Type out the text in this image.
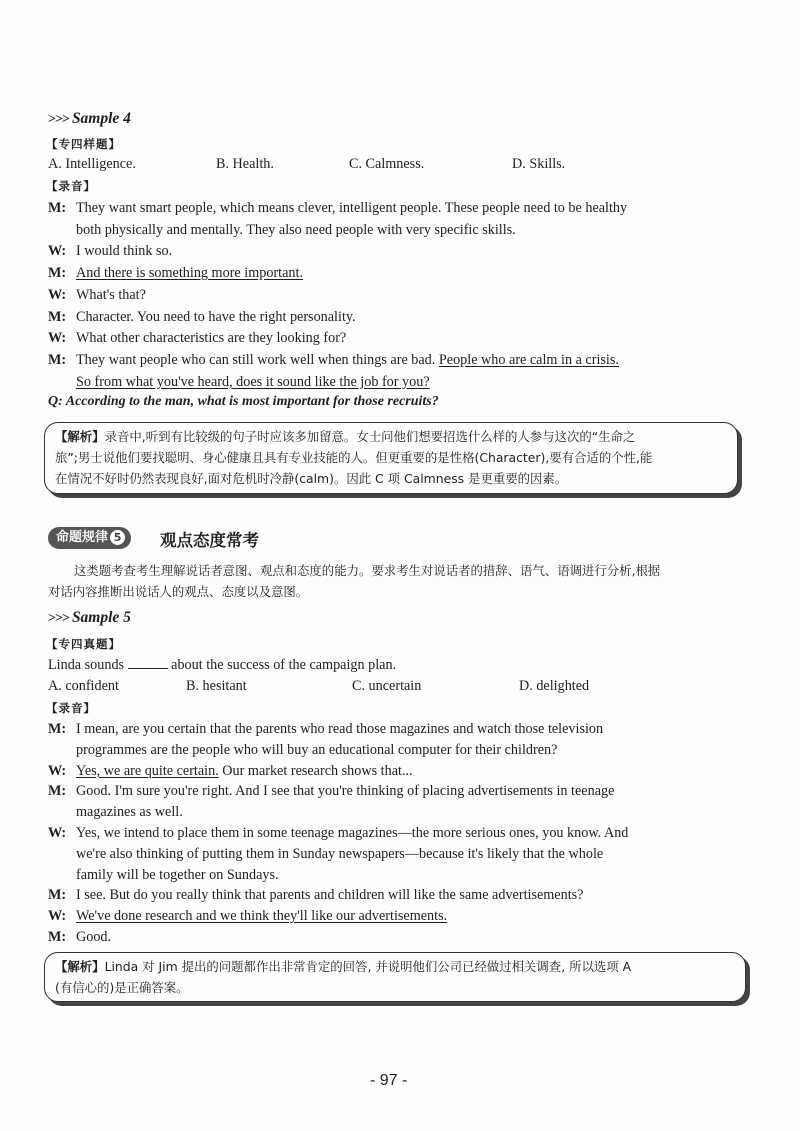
>>> Sample 4
【专四样题】
A. Intelligence.	B. Health.	C. Calmness.	D. Skills.
【录音】
M: They want smart people, which means clever, intelligent people. These people need to be healthy
both physically and mentally. They also need people with very specific skills.
W: I would think so.
M: And there is something more important.
W: What's that?
M: Character. You need to have the right personality.
W: What other characteristics are they looking for?
M: They want people who can still work well when things are bad. People who are calm in a crisis.
So from what you've heard, does it sound like the job for you?
Q: According to the man, what is most important for those recruits?
【解析】录音中,听到有比较级的句子时应该多加留意。女士问他们想要招选什么样的人参与这次的“生命之
旅”;男士说他们要找聪明、身心健康且具有专业技能的人。但更重要的是性格(Character),要有合适的个性,能
在情况不好时仍然表现良好,面对危机时冷静(calm)。因此 C 项 Calmness 是更重要的因素。
命题规律 5	观点态度常考
这类题考查考生理解说话者意图、观点和态度的能力。要求考生对说话者的措辞、语气、语调进行分析,根据
对话内容推断出说话人的观点、态度以及意图。
>>> Sample 5
【专四真题】
Linda sounds	about the success of the campaign plan.
A. confident	B. hesitant	C. uncertain	D. delighted
【录音】
M: I mean, are you certain that the parents who read those magazines and watch those television
programmes are the people who will buy an educational computer for their children?
W: Yes, we are quite certain. Our market research shows that...
M: Good. I'm sure you're right. And I see that you're thinking of placing advertisements in teenage
magazines as well.
W: Yes, we intend to place them in some teenage magazines—the more serious ones, you know. And
we're also thinking of putting them in Sunday newspapers—because it's likely that the whole
family will be together on Sundays.
M: I see. But do you really think that parents and children will like the same advertisements?
W: We've done research and we think they'll like our advertisements.
M: Good.
【解析】Linda 对 Jim 提出的问题都作出非常肯定的回答, 并说明他们公司已经做过相关调查, 所以选项 A
(有信心的)是正确答案。
- 97 -
